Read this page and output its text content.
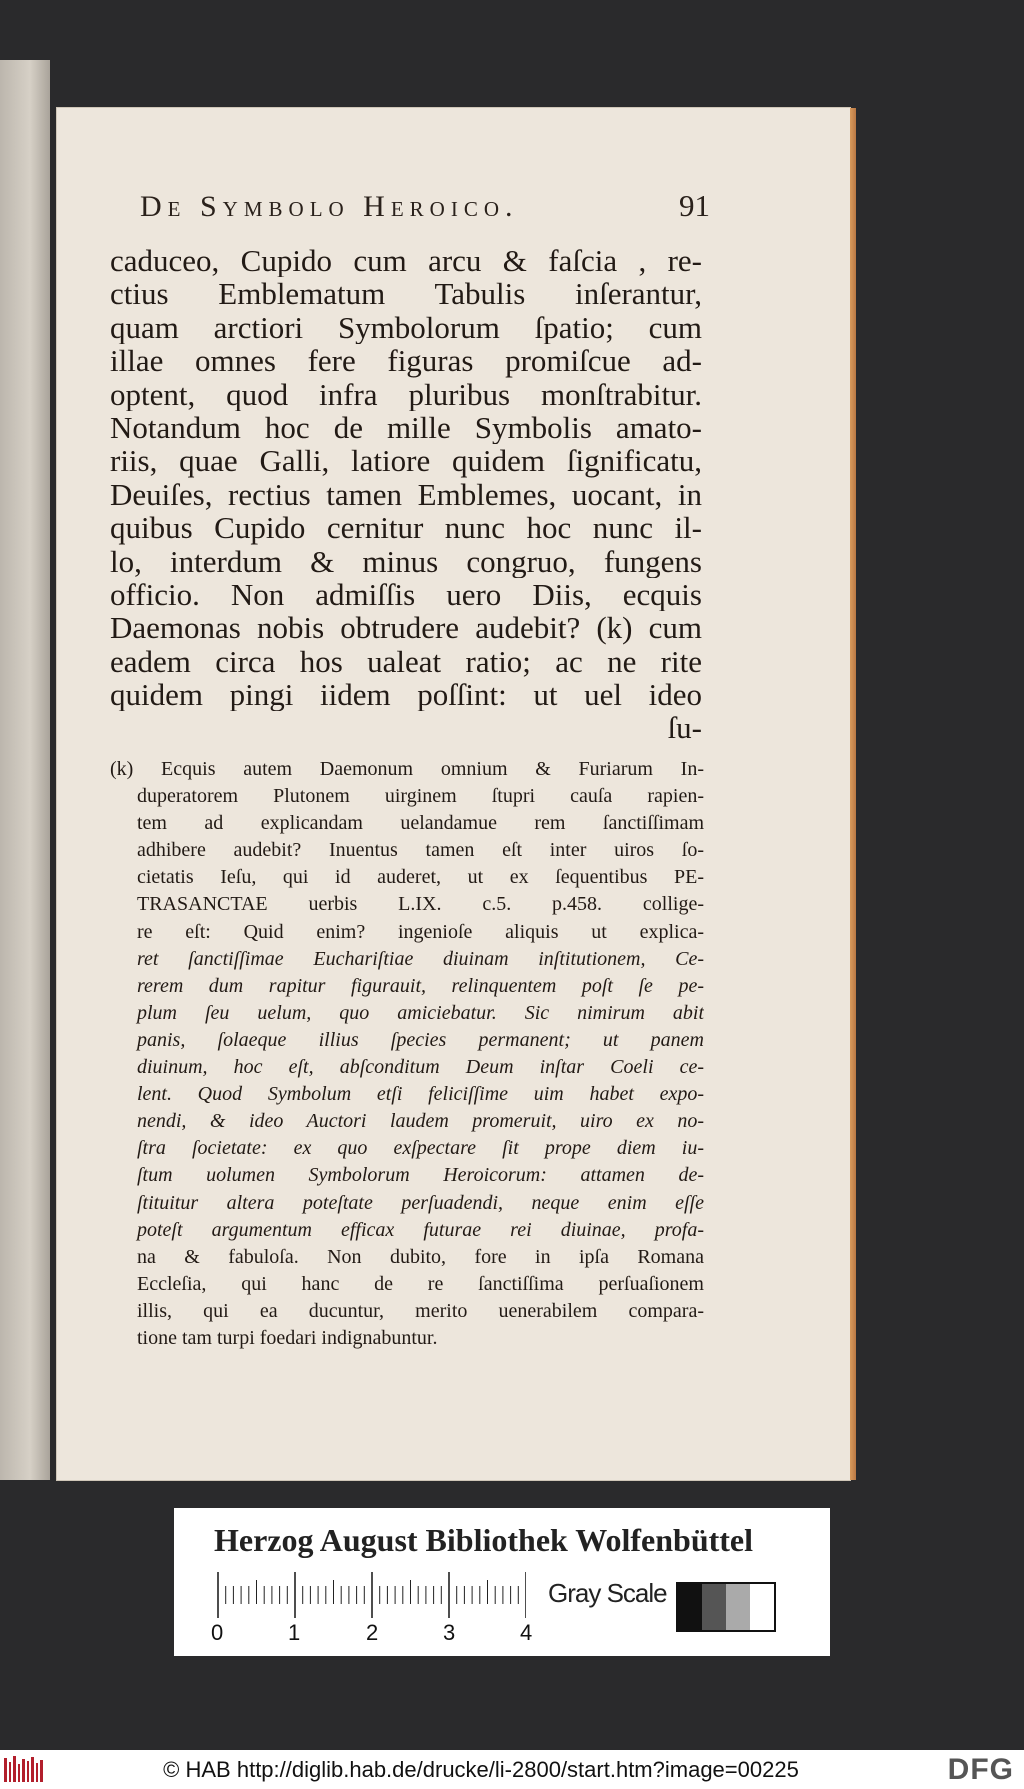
De Symbolo Heroico.	91
caduceo, Cupido cum arcu & faſcia , re-
ctius Emblematum Tabulis inſerantur,
quam arctiori Symbolorum ſpatio; cum
illae omnes fere figuras promiſcue ad-
optent, quod infra pluribus monſtrabitur.
Notandum hoc de mille Symbolis amato-
riis, quae Galli, latiore quidem ſignificatu,
Deuiſes, rectius tamen Emblemes, uocant, in
quibus Cupido cernitur nunc hoc nunc il-
lo, interdum & minus congruo, fungens
officio. Non admiſſis uero Diis, ecquis
Daemonas nobis obtrudere audebit? (k) cum
eadem circa hos ualeat ratio; ac ne rite
quidem pingi iidem poſſint: ut uel ideo
ſu-
(k) Ecquis autem Daemonum omnium & Furiarum In-
duperatorem Plutonem uirginem ſtupri cauſa rapien-
tem ad explicandam uelandamue rem ſanctiſſimam
adhibere audebit? Inuentus tamen eſt inter uiros ſo-
cietatis Ieſu, qui id auderet, ut ex ſequentibus PE-
TRASANCTAE uerbis L.IX. c.5. p.458. collige-
re eſt: Quid enim? ingenioſe aliquis ut explica-
ret ſanctiſſimae Euchariſtiae diuinam inſtitutionem, Ce-
rerem dum rapitur figurauit, relinquentem poſt ſe pe-
plum ſeu uelum, quo amiciebatur. Sic nimirum abit
panis, ſolaeque illius ſpecies permanent; ut panem
diuinum, hoc eſt, abſconditum Deum inſtar Coeli ce-
lent. Quod Symbolum etſi feliciſſime uim habet expo-
nendi, & ideo Auctori laudem promeruit, uiro ex no-
ſtra ſocietate: ex quo exſpectare ſit prope diem iu-
ſtum uolumen Symbolorum Heroicorum: attamen de-
ſtituitur altera poteſtate perſuadendi, neque enim eſſe
poteſt argumentum efficax futurae rei diuinae, profa-
na & fabuloſa. Non dubito, fore in ipſa Romana
Eccleſia, qui hanc de re ſanctiſſima perſuaſionem
illis, qui ea ducuntur, merito uenerabilem compara-
tione tam turpi foedari indignabuntur.
Herzog August Bibliothek Wolfenbüttel
0	1	2	3	4
Gray Scale
© HAB http://diglib.hab.de/drucke/li-2800/start.htm?image=00225	DFG
